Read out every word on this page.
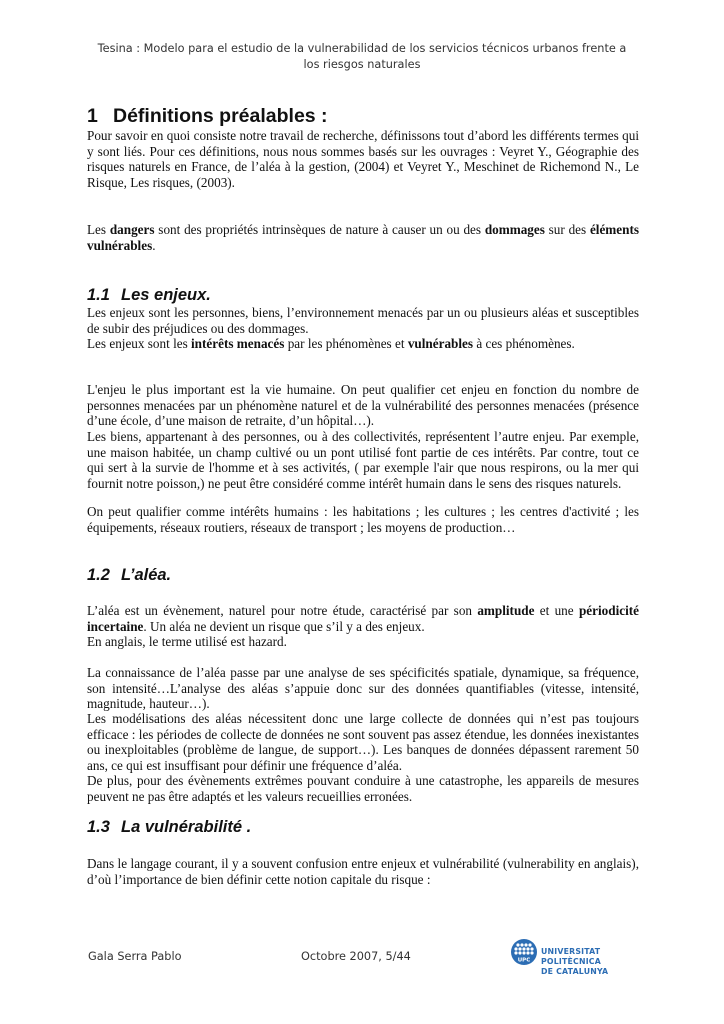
Tesina : Modelo para el estudio de la vulnerabilidad de los servicios técnicos urbanos frente a
los riesgos naturales
1 Définitions préalables :

Pour savoir en quoi consiste notre travail de recherche, définissons tout d’abord les différents termes qui y sont liés. Pour ces définitions, nous nous sommes basés sur les ouvrages : Veyret Y., Géographie des risques naturels en France, de l’aléa à la gestion, (2004) et Veyret Y., Meschinet de Richemond N., Le Risque, Les risques, (2003).

Les dangers sont des propriétés intrinsèques de nature à causer un ou des dommages sur des éléments vulnérables.

1.1 Les enjeux.

Les enjeux sont les personnes, biens, l’environnement menacés par un ou plusieurs aléas et susceptibles de subir des préjudices ou des dommages.

Les enjeux sont les intérêts menacés par les phénomènes et vulnérables à ces phénomènes.

L'enjeu le plus important est la vie humaine. On peut qualifier cet enjeu en fonction du nombre de personnes menacées par un phénomène naturel et de la vulnérabilité des personnes menacées (présence d’une école, d’une maison de retraite, d’un hôpital…).

Les biens, appartenant à des personnes, ou à des collectivités, représentent l’autre enjeu. Par exemple, une maison habitée, un champ cultivé ou un pont utilisé font partie de ces intérêts. Par contre, tout ce qui sert à la survie de l'homme et à ses activités, ( par exemple l'air que nous respirons, ou la mer qui fournit notre poisson,) ne peut être considéré comme intérêt humain dans le sens des risques naturels.

On peut qualifier comme intérêts humains : les habitations ; les cultures ; les centres d'activité ; les équipements, réseaux routiers, réseaux de transport ; les moyens de production…

1.2 L’aléa.

L’aléa est un évènement, naturel pour notre étude, caractérisé par son amplitude et une périodicité incertaine. Un aléa ne devient un risque que s’il y a des enjeux.

En anglais, le terme utilisé est hazard.

La connaissance de l’aléa passe par une analyse de ses spécificités spatiale, dynamique, sa fréquence, son intensité…L’analyse des aléas s’appuie donc sur des données quantifiables (vitesse, intensité, magnitude, hauteur…).

Les modélisations des aléas nécessitent donc une large collecte de données qui n’est pas toujours efficace : les périodes de collecte de données ne sont souvent pas assez étendue, les données inexistantes ou inexploitables (problème de langue, de support…). Les banques de données dépassent rarement 50 ans, ce qui est insuffisant pour définir une fréquence d’aléa.

De plus, pour des évènements extrêmes pouvant conduire à une catastrophe, les appareils de mesures peuvent ne pas être adaptés et les valeurs recueillies erronées.

1.3 La vulnérabilité .

Dans le langage courant, il y a souvent confusion entre enjeux et vulnérabilité (vulnerability en anglais), d’où l’importance de bien définir cette notion capitale du risque :

Gala Serra Pablo	Octobre 2007, 5/44	UPC
UNIVERSITAT POLITÈCNICA
DE CATALUNYA
